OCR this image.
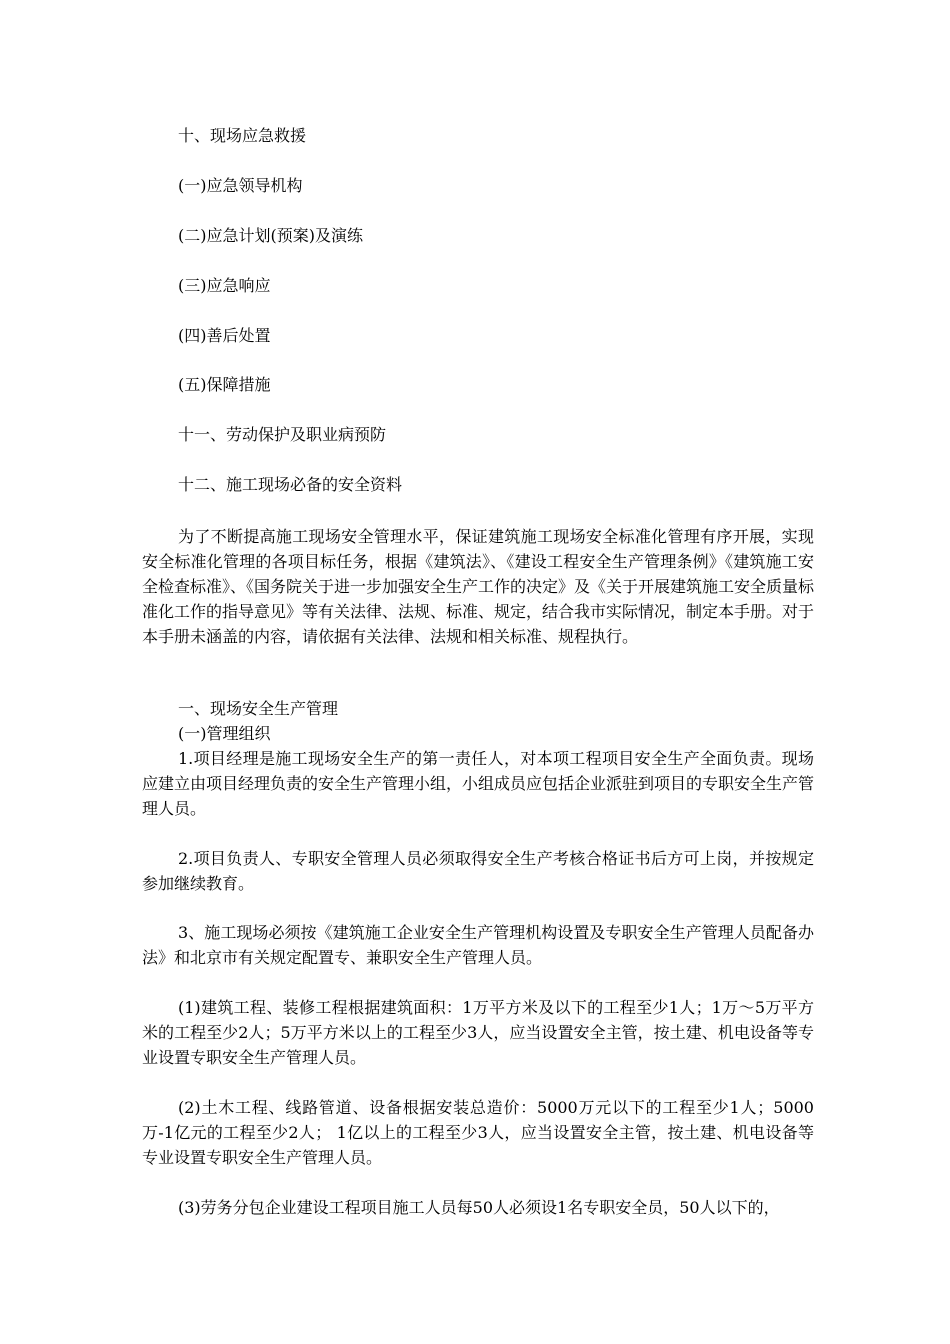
十、现场应急救援
(一)应急领导机构
(二)应急计划(预案)及演练
(三)应急响应
(四)善后处置
(五)保障措施
十一、劳动保护及职业病预防
十二、施工现场必备的安全资料
为了不断提高施工现场安全管理水平，保证建筑施工现场安全标准化管理有序开展，实现安全标准化管理的各项目标任务，根据《建筑法》、《建设工程安全生产管理条例》《建筑施工安全检查标准》、《国务院关于进一步加强安全生产工作的决定》及《关于开展建筑施工安全质量标准化工作的指导意见》等有关法律、法规、标准、规定，结合我市实际情况，制定本手册。对于本手册未涵盖的内容，请依据有关法律、法规和相关标准、规程执行。
一、现场安全生产管理
(一)管理组织
1.项目经理是施工现场安全生产的第一责任人，对本项工程项目安全生产全面负责。现场应建立由项目经理负责的安全生产管理小组，小组成员应包括企业派驻到项目的专职安全生产管理人员。
2.项目负责人、专职安全管理人员必须取得安全生产考核合格证书后方可上岗，并按规定参加继续教育。
3、施工现场必须按《建筑施工企业安全生产管理机构设置及专职安全生产管理人员配备办法》和北京市有关规定配置专、兼职安全生产管理人员。
(1)建筑工程、装修工程根据建筑面积：1万平方米及以下的工程至少1人；1万～5万平方米的工程至少2人；5万平方米以上的工程至少3人，应当设置安全主管，按土建、机电设备等专业设置专职安全生产管理人员。
(2)土木工程、线路管道、设备根据安装总造价：5000万元以下的工程至少1人；5000万-1亿元的工程至少2人； 1亿以上的工程至少3人，应当设置安全主管，按土建、机电设备等专业设置专职安全生产管理人员。
(3)劳务分包企业建设工程项目施工人员每50人必须设1名专职安全员，50人以下的，
